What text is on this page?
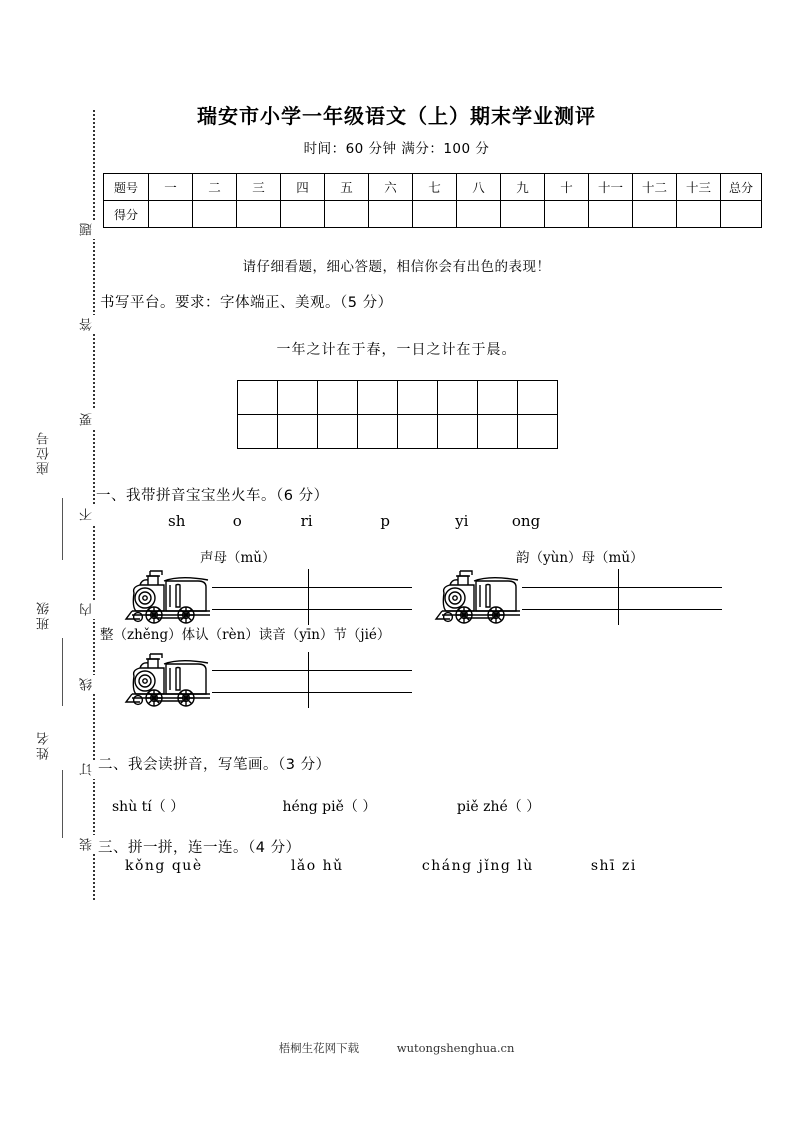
题
答
要
不
内
线
订
装
座位号
班级
姓名
瑞安市小学一年级语文（上）期末学业测评
时间：60 分钟 满分：100 分
题号	一	二	三	四	五	六	七	八	九	十	十一	十二	十三	总分
得分														
请仔细看题，细心答题，相信你会有出色的表现！
书写平台。要求：字体端正、美观。（5 分）
一年之计在于春，一日之计在于晨。

一、我带拼音宝宝坐火车。（6 分）
sh	o	ri	p	yi	ong
声母（mǔ）	韵（yùn）母（mǔ）
整（zhěng）体认（rèn）读音（yīn）节（jié）
二、我会读拼音，写笔画。（3 分）
shù tí（ ）	héng piě（ ）	piě zhé（ ）
三、拼一拼，连一连。（4 分）
kǒng què	lǎo hǔ	cháng jǐng lù	shī zi
梧桐生花网下载	wutongshenghua.cn
